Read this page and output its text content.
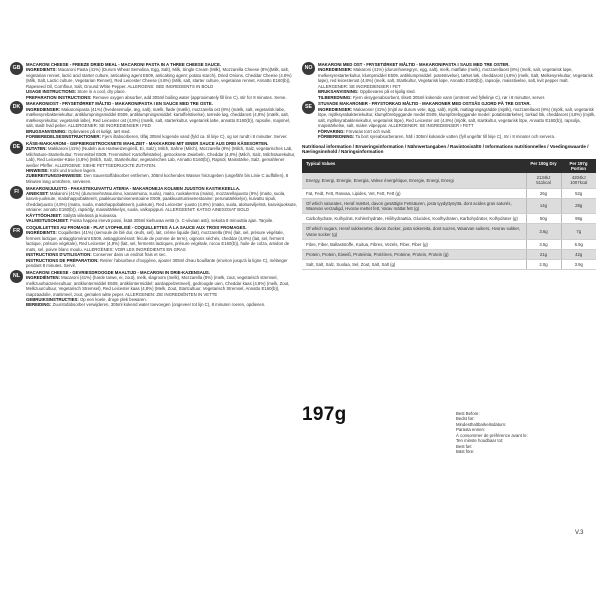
GB
MACARONI CHEESE - FREEZE DRIED MEAL - MACARONI PASTA IN A THREE CHEESE SAUCE.
INGREDIENTS: Macaroni Pasta (41%) (Durum Wheat Semolina, Egg, Salt), Milk, Single Cream (Milk), Mozzarella Cheese (8%)(Milk, salt, vegetarian rennet, lactic acid starter culture, anticaking agent E509, anticaking agent: potato starch), Dried Onions, Cheddar Cheese (4.8%) (Milk, Salt, Lactic culture, Vegetarian Rennet), Red Leicester Cheese (4.8%) (Milk, salt, starter culture, vegetarian rennet, Annatto E160(b)), Rapeseed Oil, Cornflour, Salt, Ground White Pepper. ALLERGENS: SEE INGREDIENTS IN BOLD
USAGE INSTRUCTIONS: Store in a cool, dry place.
PREPARATION INSTRUCTIONS: Remove oxygen absorber, add 305ml boiling water (approximately fill line C), stir for 8 minutes. Serve.
DK
MAKARONIOST - FRYSETØRRET MÅLTID - MAKARONIPASTA I EN SAUCE MED TRE OSTE.
INGREDIENSER: Makaronipasta (41%) (hvedesemulje, æg, salt), mælk, fløde (mælk), mozzarella ost (8%) (mælk, salt, vegetarisk løbe, mælkesyrebakteriekultur, antiklumpningsmiddel E509, antiklumpningsmiddel: kartoffelstivelse), tørrede løg, cheddarost (4,8%) (mælk, salt, mælkesyrekultur, vegetarisk løbe), Red Leicester ost (4,8%) (mælk, salt, starterkultur, vegetarisk løbe, annatto E160(b)), rapsolie, majsmel, salt, stødt hvid peber. ALLERGENER: SE INGREDIENSER I FED
BRUGSANVISNING: Opbevares på et køligt, tørt sted.
FORBEREDELSESINSTRUKTIONER: Fjern iltabsorberen, tilføj 305ml kogende vand (fyld ca. til linje C), og rør rundt i 8 minutter. Server.
DE
KÄSE-MAKKARONI - GEFRIERGETROCKNETE MAHLZEIT - MAKKARONI MIT EINER SAUCE AUS DREI KÄSESORTEN.
ZUTATEN: Makkaroni (41%) (Nudeln aus Hartweizengrieß, Ei, Salz), Milch, Sahne (Milch), Mozzarella (8%) (Milch, Salz, vegetarisches Lab, Milchsäure-Starterkultur, Trennmittel E509, Trennmittel: Kartoffelstärke), getrocknete Zwiebeln, Cheddar (4,8%) (Milch, Salz, Milchsäurekultur, Lab), Red Leicester-Käse (4,8%) (Milch, Salz, Starterkultur, vegetarisches Lab, Annatto E160(b)), Rapsöl, Maisstärke, Salz, gemahlener weißer Pfeffer. ALLERGENE: SIEHE FETTGEDRUCKTE ZUTATEN.
HINWEISE: Kühl und trocken lagern.
ZUBEREITUNGSHINWEISE: Den Sauerstoffabsorber entfernen, 305ml kochendes Wasser hinzugeben (ungefähr bis Linie C auffüllen), 8 Minuten lang umrühren, servieren.
FI
MAKARONIJUUSTO - PAKASTEKUIVATTU ATERIA - MAKARONEJA KOLMEN JUUSTON KASTIKKEELLA.
AINEKSET: Makaroni (41%) (durumvehnäsuurimo, kananmuna, suola), maito, ruokakerma (maito), mozzarellajuusto (8%) (maito, suola, kasvis-juoksute, maitohappobakteerit, paakkuuntumisenestoaine E509, paakkuuntumisenestoaine: perunatärkkelys), kuivattu sipuli, cheddarjuusto (4,8%) (maito, suola, maitohappobakteerit, juoksute), Red Leicester -juusto (4,8%) (maito, suola, aloitusviljelmä, kasvisjuoksute, väriaine: annatto E160(b)), rapsiöljy, maissitärkkelys, suola, valkopippuri. ALLERGEENIT: KATSO AINESOSAT BOLD
KÄYTTÖOHJEET: Säilytä viileässä ja kuivassa.
VALMISTUSOHJEET: Poista happea imevä pussi, lisää 305ml kiehuvaa vettä (n. C-viivaan asti), sekoita 8 minuuttia ajan. Tarjoile.
FR
COQUILLETTES AU FROMAGE - PLAT LYOPHILISÉ - COQUILLETTES À LA SAUCE AUX TROIS FROMAGES.
INGRÉDIENTS: Coquillettes (41%) (semoule de blé dur, œufs, sel), lait, crème liquide (lait), mozzarella (8%) (lait, sel, présure végétale, ferment lactique, antiagglomérant E509, antiagglomérant: fécule de pomme de terre), oignons séchés, cheddar (4,8%) (lait, sel, ferment lactique, présure végétale), Red Leicester (4,8%) (lait, sel, ferments lactiques, présure végétale, rocou E160(b)), huile de colza, amidon de maïs, sel, poivre blanc moulu. ALLERGÈNES: VOIR LES INGRÉDIENTS EN GRAS
INSTRUCTIONS D'UTILISATION: Conserver dans un endroit frais et sec.
INSTRUCTIONS DE PRÉPARATION: Retirer l'absorbeur d'oxygène, ajouter 305ml d'eau bouillante (environ jusqu'à la ligne C), mélanger pendant 8 minutes. Servir.
NL
MACARONI CHEESE - GEVRIESDROOGDE MAALTIJD - MACARONI IN DRIE-KAZENSAUS.
INGREDIËNTEN: Macaroni (41%) (harde tarwe, ei, zout), melk, slagroom (melk), Mozzarella (8%) (melk, zout, vegetarisch stremsel, melkzuurbacteriecultuur, antiklontermiddel E509, antiklontermiddel: aardappelzetmeel), gedroogde uien, Cheddar kaas (4,8%) (melk, Zout, Melkzuurcultuur, Vegetarisch Stremsel), Red Leicester kaas (4,8%) (Melk, Zout, Startcultuur, Vegetarisch Stremsel, Annatto E160(b)), raapzaadolie, maïsmeel, zout, gemalen witte peper. ALLERGENEN: ZIE INGREDIËNTEN IN VETTE
GEBRUIKSINSTRUCTIES: Op een koele, droge plek bewaren.
BEREIDING: Zuurstofabsorber verwijderen, 305ml kokend water toevoegen (ongeveer tot lijn C), 8 minuten roeren, opdienen.
NO
MAKARONI MED OST - FRYSETØRKET MÅLTID - MAKARONIPASTA I SAUS MED TRE OSTER.
INGREDIENSER: Makaroni (41%) (durumhvetegryn, egg, salt), melk, matfløte (melk), mozzarellaost (8%) (melk, salt, vegetarisk løpe, melkesyrestarterkultur, klumpmiddel E509, antiklumpmiddel: potetstivelse), tørket løk, cheddarost (4,8%) (melk, Salt, Melkesyrekultur, Vegetarisk løpe), red leicesterost (4,8%) (melk, salt, Startkultur, Vegetarisk løpe, Annatto E160(b)), rapsolje, maisstivelse, salt, kvit pepper malt. ALLERGENER: SE INGREDIENSER I FET
BRUKSANVISNING: Oppbevares på et kjølig sted.
TILBEREDNING: Fjern oksygenabsorbent, tilsett 305ml kokende vann (omtrent ved fyllelinje C), rør i 8 minutter, server.
SE
STUVADE MAKARONER - FRYSTORKAD MÅLTID - MAKARONER MED OSTSÅS GJORD PÅ TRE OSTAR.
INGREDIENSER: Makaroner (41%) (mjöl av durum vete, ägg, salt), mjölk, matlagningsgrädde (mjölk), mozzarellaost (8%) (mjölk, salt, vegetarisk löpe, mjölksyrabakteriekultur, klumpförebyggande medel E509, klumpförebyggande medel: potatisstärkelse), torkad lök, cheddarost (4,8%) (mjölk, salt, mjölksyrabakteriekultur, vegetarisk löpe), Red Leicester ost (4,8%) (mjölk, salt, startkultur, vegetarisk löpe, Annatto E160(b)), rapsolja, majsstärkelse, salt, malen vitpeppar. ALLERGENER: SE INGREDIENSER I FETT
FÖRVARING: Förvaras torrt och svalt.
FÖRBEREDNING: Ta bort syreabsorberaren, häll i 305ml kokande vatten (fyll ungefär till linje C), rör i 8 minuter och servera.
Nutritional information / Ernæringsinformation / Nährwertangaben / Ravintosisältö / Informations nutritionnelles / Voedingswaarde / Næringsinnhold / Näringsinformation
Typical Values	Per 100g Dry	Per 197g Portion
Energy, Energi, Energie, Energia, Valeur énergétique, Energie, Energi, Energi	2134kJ 511kcal	4204kJ 1007kcal
Fat, Fedt, Fett, Rasvaa, Lipides, Vet, Fett, Fett (g)	26g	52g
Of which saturates, Heraf mættet, davon gesättigte Fettsäuren, josta tyydyttynyttä, dont acides gras saturés, Waarvan verzadigd, Hvorav mettet fett, Varav mättat fett (g)	14g	28g
Carbohydrate, Kulhydrat, Kohlenhydrate, Hiilihydraattia, Glucides, Koolhydraten, Karbohydrater, Kolhydrater (g)	50g	98g
Of which sugars, Heraf sukkerarter, davon Zucker, josta sokereita, dont sucres, Waarvan suikers, Hvorav sukker, Varav socker (g)	3.6g	7g
Fibre, Fiber, Ballaststoffe, Kuitua, Fibres, Vezels, Fiber, Fiber (g)	3.5g	6.9g
Protein, Protein, Eiweiß, Proteiinia, Protéines, Proteine, Protein, Protein (g)	21g	42g
Salt, Salt, Salz, Suolaa, Sel, Zout, Salt, Salt (g)	2.0g	3.9g
197g	Best Before:
Bedst før:
Mindesthaltbarkeitsdatum:
Parasta ennen:
À consommer de préférence avant le:
Ten minste houdbaar tot:
Best før:
Bäst före:
V.3
